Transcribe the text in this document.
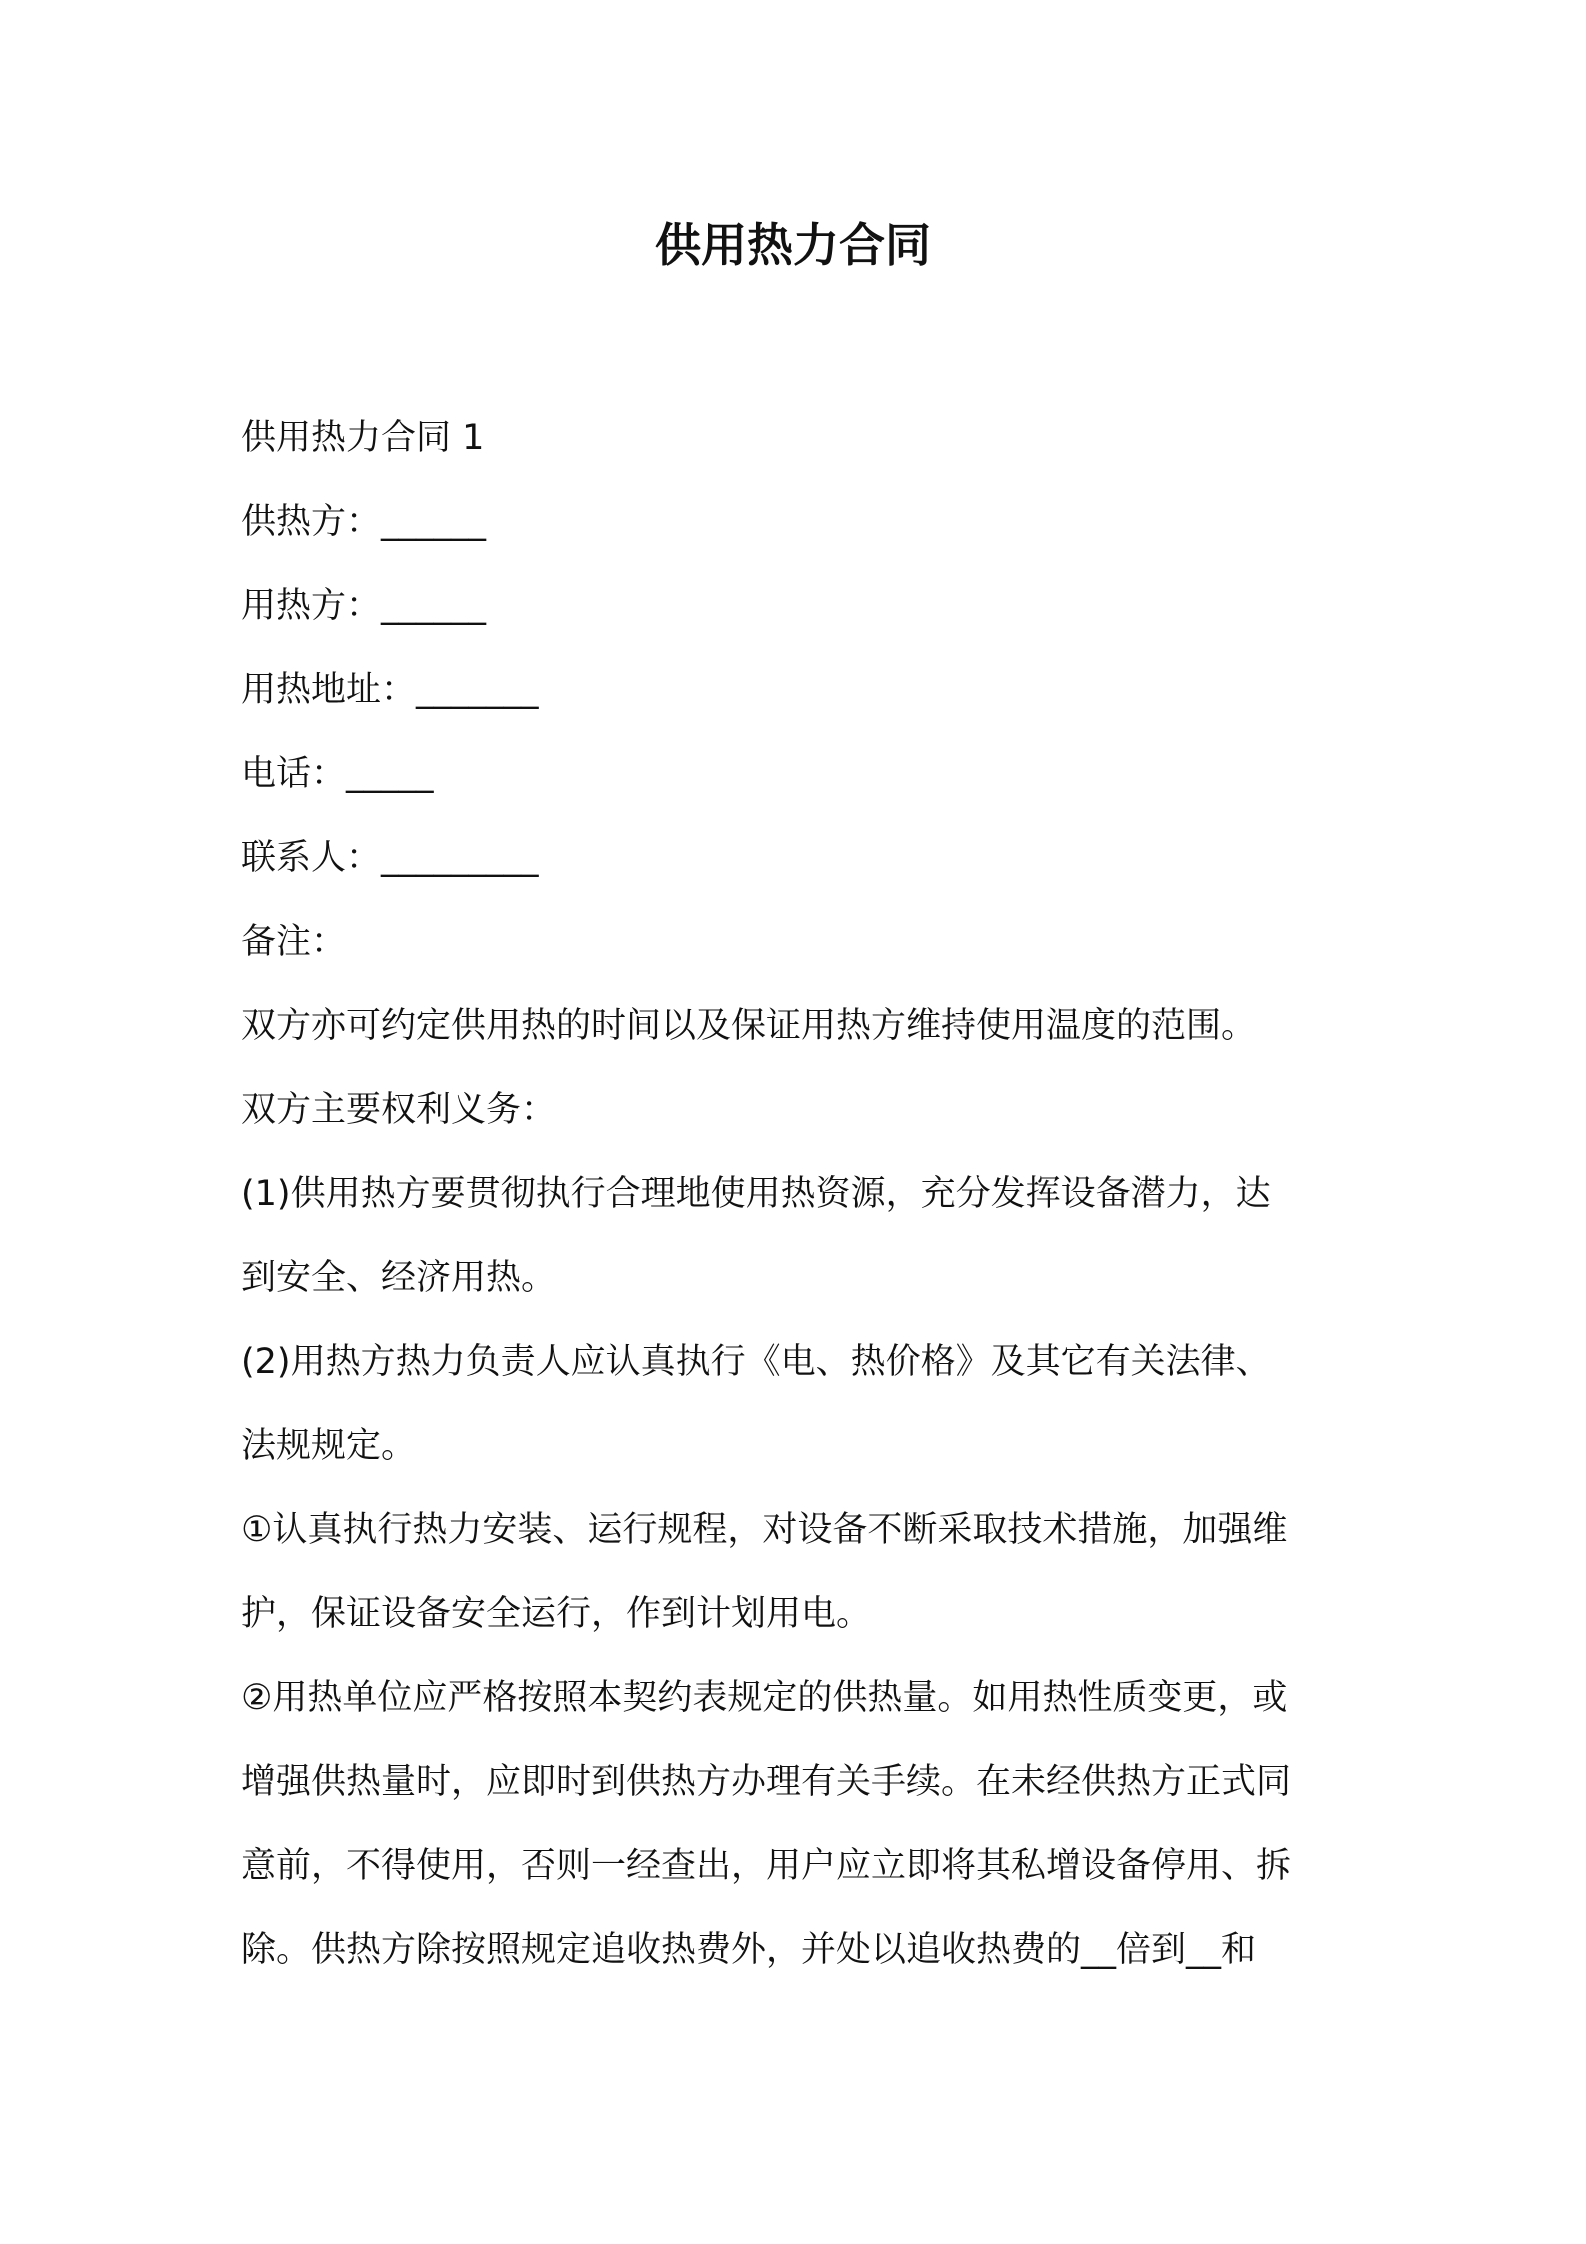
供用热力合同
供用热力合同 1
供热方：______
用热方：______
用热地址：_______
电话：_____
联系人：_________
备注：
双方亦可约定供用热的时间以及保证用热方维持使用温度的范围。
双方主要权利义务：
(1)供用热方要贯彻执行合理地使用热资源，充分发挥设备潜力，达
到安全、经济用热。
(2)用热方热力负责人应认真执行《电、热价格》及其它有关法律、
法规规定。
①认真执行热力安装、运行规程，对设备不断采取技术措施，加强维
护，保证设备安全运行，作到计划用电。
②用热单位应严格按照本契约表规定的供热量。如用热性质变更，或
增强供热量时，应即时到供热方办理有关手续。在未经供热方正式同
意前，不得使用，否则一经查出，用户应立即将其私增设备停用、拆
除。供热方除按照规定追收热费外，并处以追收热费的__倍到__和
